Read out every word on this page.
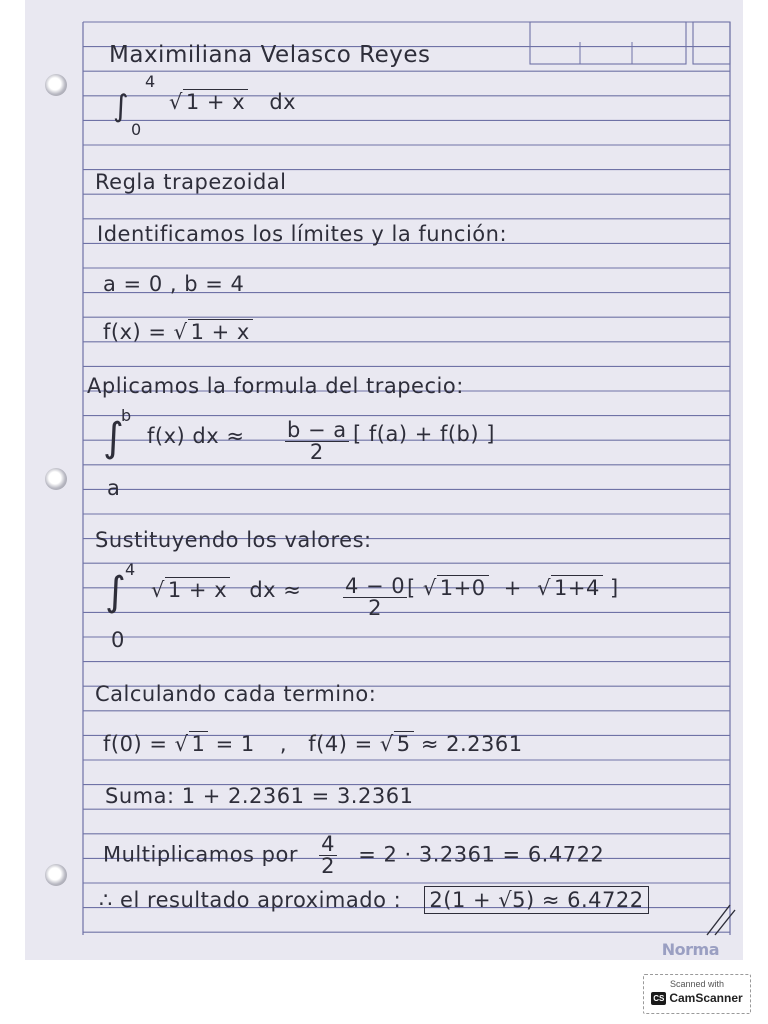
Maximiliana Velasco Reyes
∫
4
0
√ 1 + x dx
Regla trapezoidal
Identificamos los límites y la función:
a = 0 , b = 4
f(x) = √ 1 + x
Aplicamos la formula del trapecio:
∫
b
a
f(x) dx ≈ $\frac{b - a}{2}$ [ f(a) + f(b) ]
Sustituyendo los valores:
∫
4
0
√ 1 + x dx ≈ $\frac{4 - 0}{2}$ [ √ 1+0 + √ 1+4 ]
Calculando cada termino:
f(0) = √ 1 = 1 , f(4) = √ 5 ≈ 2.2361
Suma: 1 + 2.2361 = 3.2361
Multiplicamos por $\frac{4}{2} = 2 \cdot 3.2361 = 6.4722$
∴ el resultado aproximado : 2(1 + √5) ≈ 6.4722
Norma
Scanned with
CS CamScanner
